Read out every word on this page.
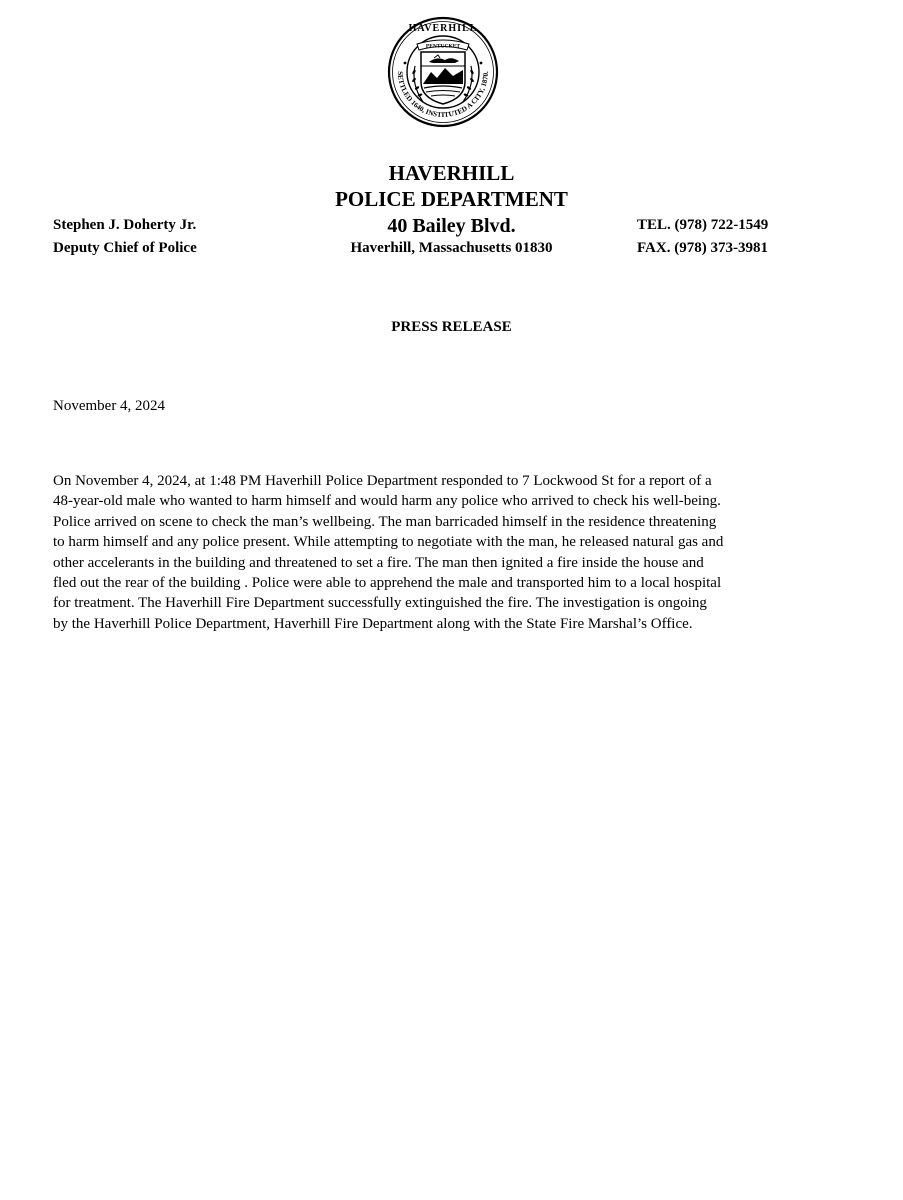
HAVERHILL
SETTLED 1640, INSTITUTED A CITY, 1870.
PENTUCKET
HAVERHILL
POLICE DEPARTMENT
Stephen J. Doherty Jr.
Deputy Chief of Police
40 Bailey Blvd.
Haverhill, Massachusetts 01830
TEL. (978) 722-1549
FAX. (978) 373-3981
PRESS RELEASE
November 4, 2024
On November 4, 2024, at 1:48 PM Haverhill Police Department responded to 7 Lockwood St for a report of a
48-year-old male who wanted to harm himself and would harm any police who arrived to check his well-being.
Police arrived on scene to check the man’s wellbeing. The man barricaded himself in the residence threatening
to harm himself and any police present. While attempting to negotiate with the man, he released natural gas and
other accelerants in the building and threatened to set a fire. The man then ignited a fire inside the house and
fled out the rear of the building . Police were able to apprehend the male and transported him to a local hospital
for treatment. The Haverhill Fire Department successfully extinguished the fire. The investigation is ongoing
by the Haverhill Police Department, Haverhill Fire Department along with the State Fire Marshal’s Office.
